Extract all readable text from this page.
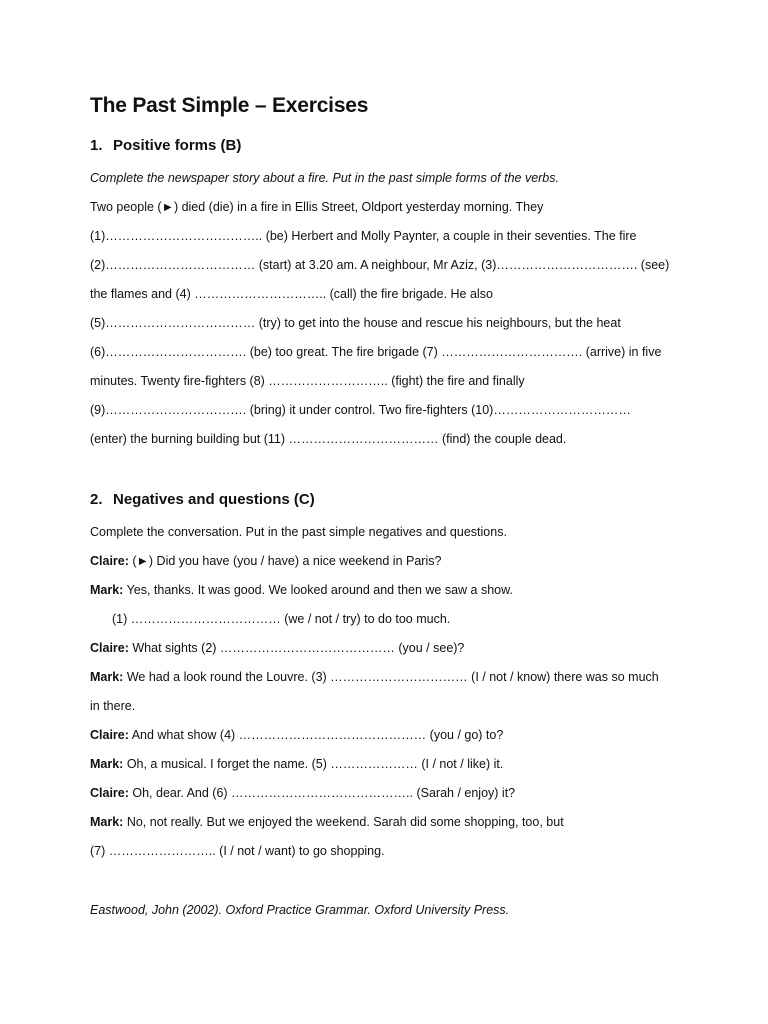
The Past Simple – Exercises
1. Positive forms (B)
Complete the newspaper story about a fire. Put in the past simple forms of the verbs.
Two people (►) died (die) in a fire in Ellis Street, Oldport yesterday morning. They
(1)……………………………….. (be) Herbert and Molly Paynter, a couple in their seventies. The fire
(2)……………………………… (start) at 3.20 am. A neighbour, Mr Aziz, (3)……………………………. (see)
the flames and (4) ………………………….. (call) the fire brigade. He also
(5)……………………………… (try) to get into the house and rescue his neighbours, but the heat
(6)……………………………. (be) too great. The fire brigade (7) ……………………………. (arrive) in five
minutes. Twenty fire-fighters (8) ……………………….. (fight) the fire and finally
(9)……………………………. (bring) it under control. Two fire-fighters (10)……………………………
(enter) the burning building but (11) ……………………………… (find) the couple dead.
2. Negatives and questions (C)
Complete the conversation. Put in the past simple negatives and questions.
Claire: (►) Did you have (you / have) a nice weekend in Paris?
Mark: Yes, thanks. It was good. We looked around and then we saw a show.
(1) ……………………………… (we / not / try) to do too much.
Claire: What sights (2) …………………………………… (you / see)?
Mark: We had a look round the Louvre. (3) …………………………… (I / not / know) there was so much
in there.
Claire: And what show (4) ……………………………………… (you / go) to?
Mark: Oh, a musical. I forget the name. (5) ………………… (I / not / like) it.
Claire: Oh, dear. And (6) …………………………………….. (Sarah / enjoy) it?
Mark: No, not really. But we enjoyed the weekend. Sarah did some shopping, too, but
(7) …………………….. (I / not / want) to go shopping.
Eastwood, John (2002). Oxford Practice Grammar. Oxford University Press.
